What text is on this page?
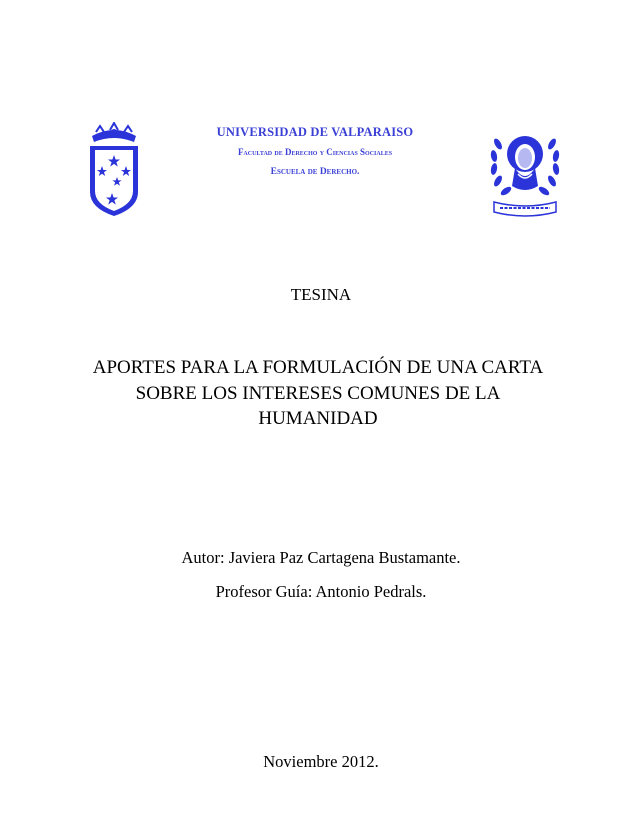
UNIVERSIDAD DE VALPARAISO
Facultad de Derecho y Ciencias Sociales
Escuela de Derecho.
TESINA
APORTES PARA LA FORMULACIÓN DE UNA CARTA
SOBRE LOS INTERESES COMUNES DE LA
HUMANIDAD
Autor: Javiera Paz Cartagena Bustamante.
Profesor Guía: Antonio Pedrals.
Noviembre 2012.
